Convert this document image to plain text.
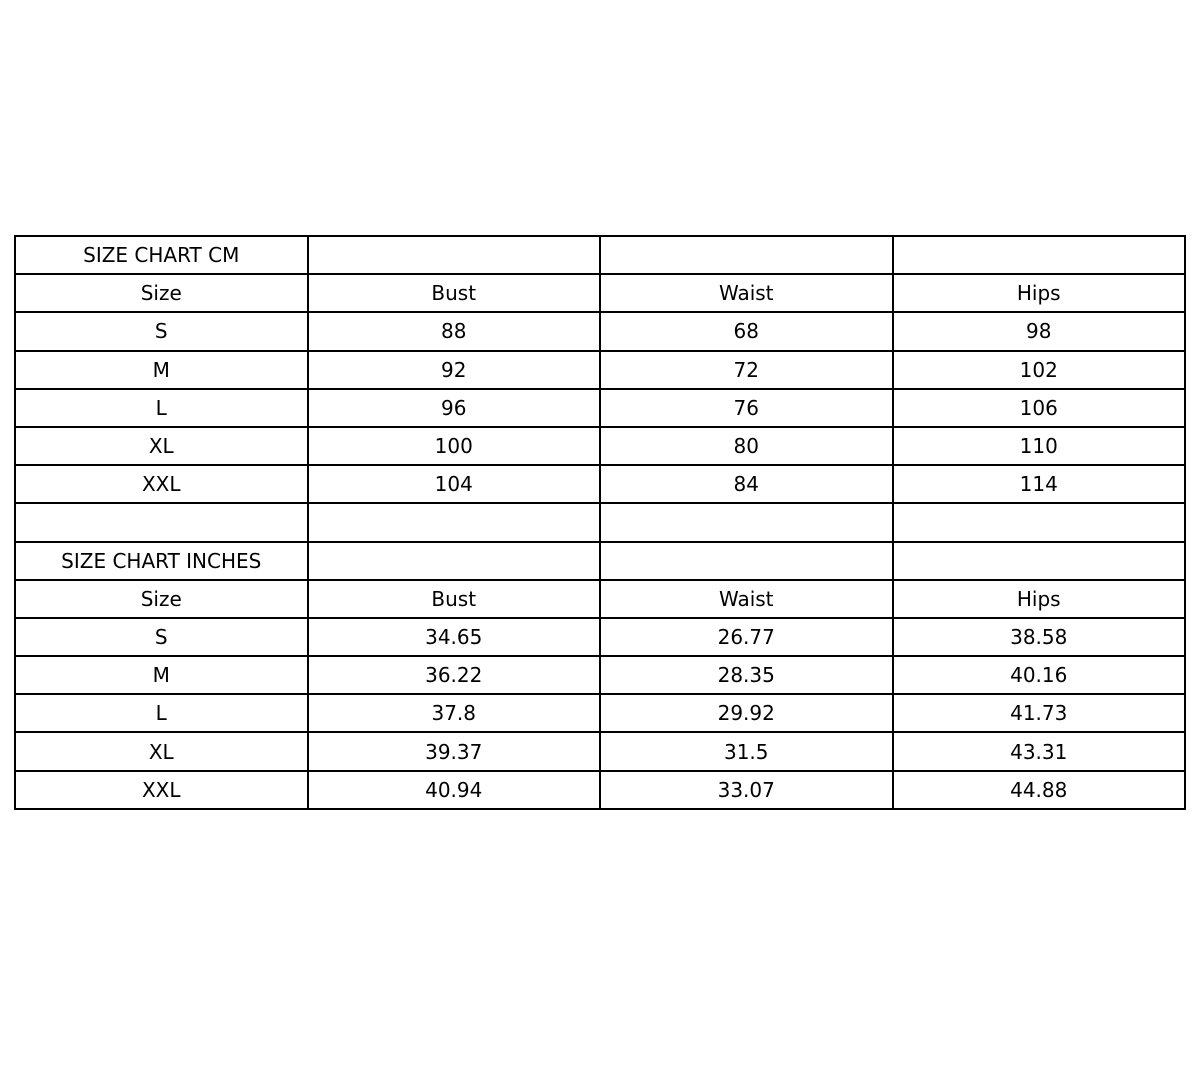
SIZE CHART CM			
Size	Bust	Waist	Hips
S	88	68	98
M	92	72	102
L	96	76	106
XL	100	80	110
XXL	104	84	114

SIZE CHART INCHES			
Size	Bust	Waist	Hips
S	34.65	26.77	38.58
M	36.22	28.35	40.16
L	37.8	29.92	41.73
XL	39.37	31.5	43.31
XXL	40.94	33.07	44.88
